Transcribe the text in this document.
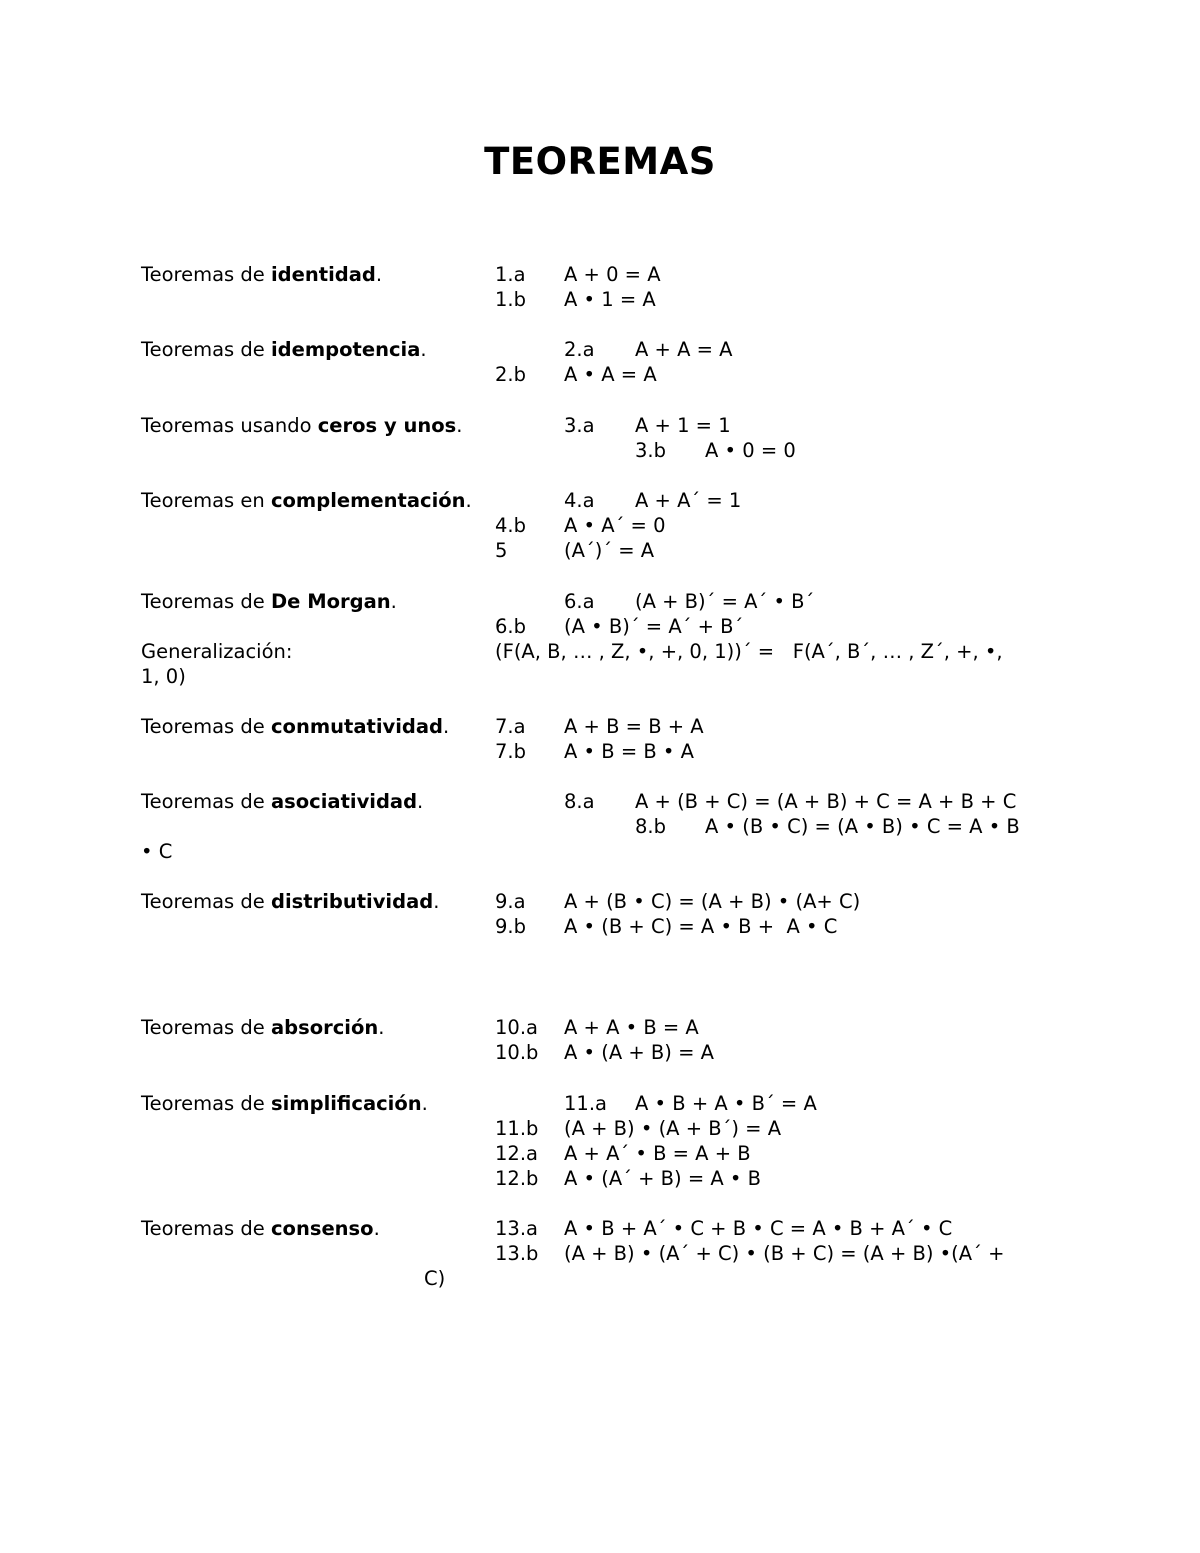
TEOREMAS
Teoremas de identidad.	1.a A + 0 = A
1.b A • 1 = A
Teoremas de idempotencia.	2.a A + A = A
2.b A • A = A
Teoremas usando ceros y unos.	3.a A + 1 = 1
3.b A • 0 = 0
Teoremas en complementación.	4.a A + A´ = 1
4.b A • A´ = 0
5	(A´)´ = A
Teoremas de De Morgan.	6.a (A + B)´ = A´ • B´
6.b (A • B)´ = A´ + B´
Generalización:	(F(A, B, … , Z, •, +, 0, 1))´ =   F(A´, B´, … , Z´, +, •,
1, 0)
Teoremas de conmutatividad. 7.a A + B = B + A
7.b A • B = B • A
Teoremas de asociatividad.	8.a A + (B + C) = (A + B) + C = A + B + C
8.b A • (B • C) = (A • B) • C = A • B
• C
Teoremas de distributividad.	9.a A + (B • C) = (A + B) • (A+ C)
9.b A • (B + C) = A • B +  A • C
Teoremas de absorción.	10.a A + A • B = A
10.b A • (A + B) = A
Teoremas de simplificación.	11.a A • B + A • B´ = A
11.b (A + B) • (A + B´) = A
12.a A + A´ • B = A + B
12.b A • (A´ + B) = A • B
Teoremas de consenso.	13.a A • B + A´ • C + B • C = A • B + A´ • C
13.b (A + B) • (A´ + C) • (B + C) = (A + B) •(A´ +
C)
